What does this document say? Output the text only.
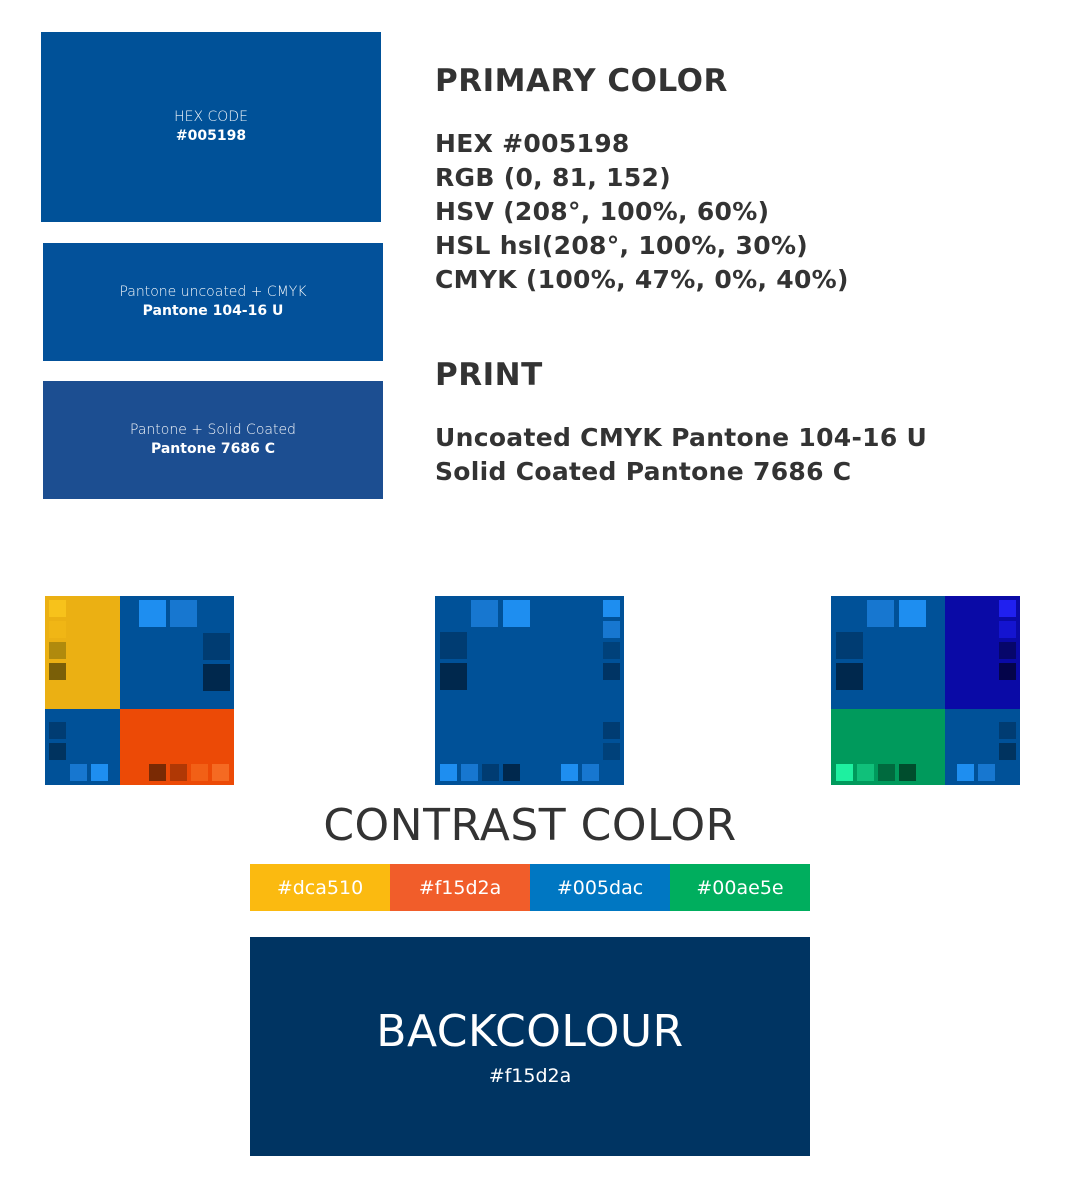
HEX CODE
#005198
Pantone uncoated + CMYK
Pantone 104-16 U
Pantone + Solid Coated
Pantone 7686 C
PRIMARY COLOR
HEX #005198
RGB (0, 81, 152)
HSV (208°, 100%, 60%)
HSL hsl(208°, 100%, 30%)
CMYK (100%, 47%, 0%, 40%)
PRINT
Uncoated CMYK Pantone 104-16 U
Solid Coated Pantone 7686 C
CONTRAST COLOR
#dca510	#f15d2a	#005dac	#00ae5e
BACKCOLOUR
#f15d2a
